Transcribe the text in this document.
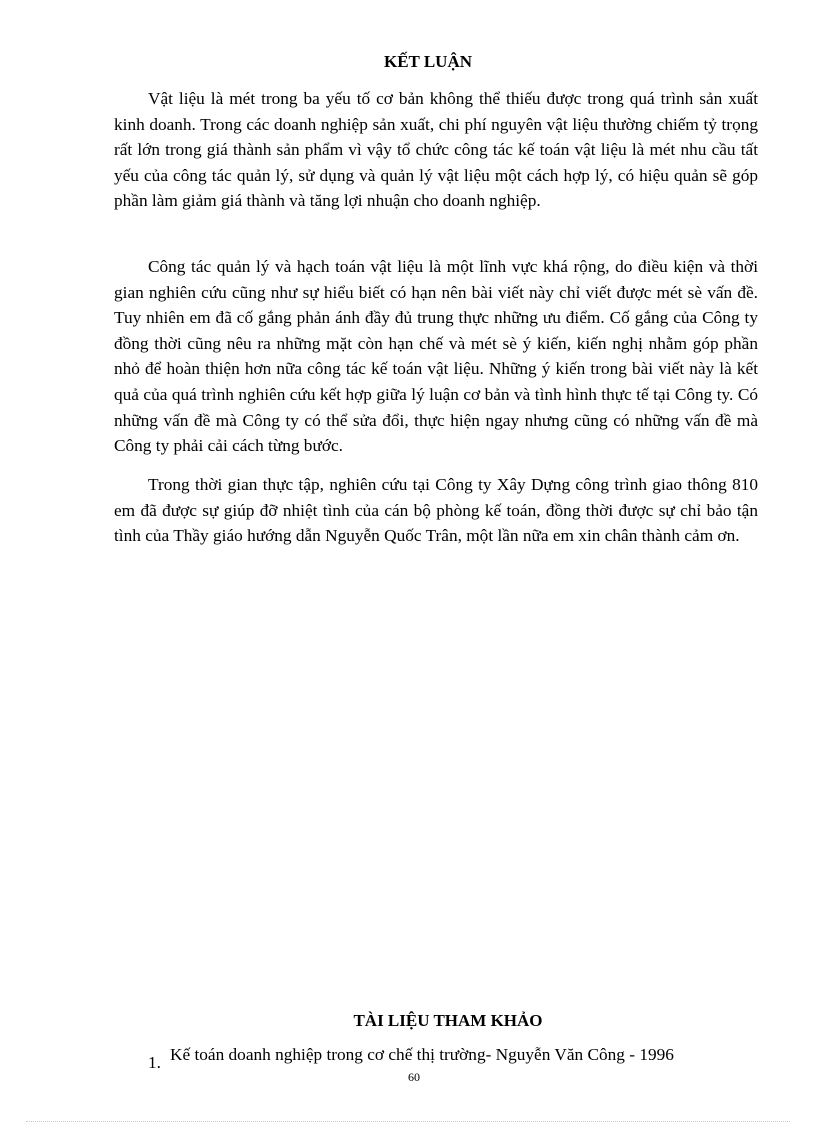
KẾT LUẬN

Vật liệu là mét trong ba yếu tố cơ bản không thể thiếu được trong quá trình sản xuất kinh doanh. Trong các doanh nghiệp sản xuất, chi phí nguyên vật liệu thường chiếm tỷ trọng rất lớn trong giá thành sản phẩm vì vậy tổ chức công tác kế toán vật liệu là mét nhu cầu tất yếu của công tác quản lý, sử dụng và quản lý vật liệu một cách hợp lý, có hiệu quản sẽ góp phần làm giảm giá thành và tăng lợi nhuận cho doanh nghiệp.

Công tác quản lý và hạch toán vật liệu là một lĩnh vực khá rộng, do điều kiện và thời gian nghiên cứu cũng như sự hiểu biết có hạn nên bài viết này chỉ viết được mét sè vấn đề. Tuy nhiên em đã cố gắng phản ánh đầy đủ trung thực những ưu điểm. Cố gắng của Công ty đồng thời cũng nêu ra những mặt còn hạn chế và mét sè ý kiến, kiến nghị nhằm góp phần nhỏ để hoàn thiện hơn nữa công tác kế toán vật liệu. Những ý kiến trong bài viết này là kết quả của quá trình nghiên cứu kết hợp giữa lý luận cơ bản và tình hình thực tế tại Công ty. Có những vấn đề mà Công ty có thể sửa đổi, thực hiện ngay nhưng cũng có những vấn đề mà Công ty phải cải cách từng bước.

Trong thời gian thực tập, nghiên cứu tại Công ty Xây Dựng công trình giao thông 810 em đã được sự giúp đỡ nhiệt tình của cán bộ phòng kế toán, đồng thời được sự chỉ bảo tận tình của Thầy giáo hướng dẫn Nguyễn Quốc Trân, một lần nữa em xin chân thành cảm ơn.

TÀI LIỆU THAM KHẢO
1. Kế toán doanh nghiệp trong cơ chế thị trường- Nguyễn Văn Công - 1996

60
